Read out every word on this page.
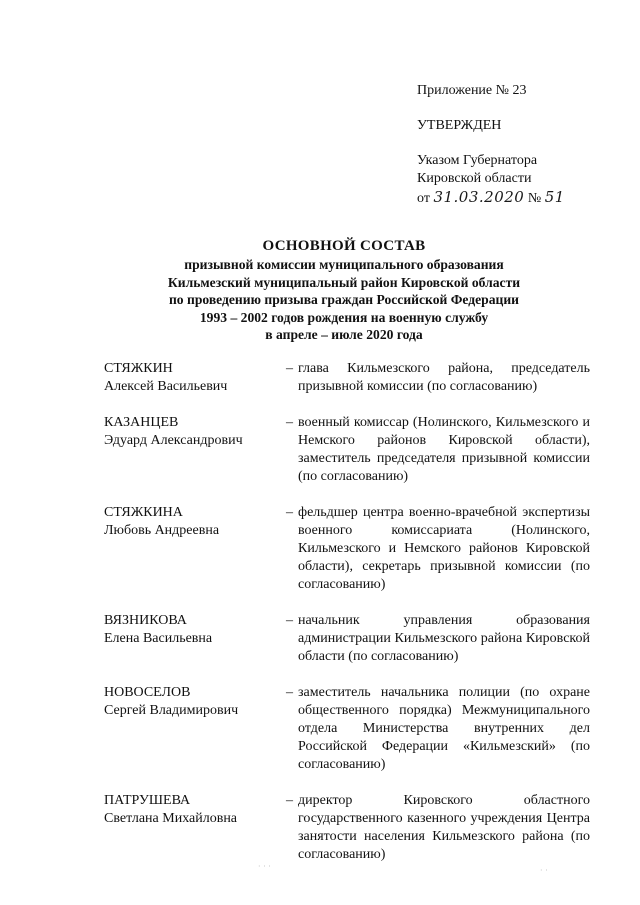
Приложение № 23
УТВЕРЖДЕН
Указом Губернатора
Кировской области
от 31.03.2020 № 51
ОСНОВНОЙ СОСТАВ
призывной комиссии муниципального образования
Кильмезский муниципальный район Кировской области
по проведению призыва граждан Российской Федерации
1993 – 2002 годов рождения на военную службу
в апреле – июле 2020 года
СТЯЖКИН
Алексей Васильевич
– глава Кильмезского района, председатель призывной комиссии (по согласованию)
КАЗАНЦЕВ
Эдуард Александрович
– военный комиссар (Нолинского, Кильмезского и Немского районов Кировской области), заместитель председателя призывной комиссии (по согласованию)
СТЯЖКИНА
Любовь Андреевна
– фельдшер центра военно-врачебной экспертизы военного комиссариата (Нолинского, Кильмезского и Немского районов Кировской области), секретарь призывной комиссии (по согласованию)
ВЯЗНИКОВА
Елена Васильевна
– начальник управления образования администрации Кильмезского района Кировской области (по согласованию)
НОВОСЕЛОВ
Сергей Владимирович
– заместитель начальника полиции (по охране общественного порядка) Межмуниципального отдела Министерства внутренних дел Российской Федерации «Кильмезский» (по согласованию)
ПАТРУШЕВА
Светлана Михайловна
– директор Кировского областного государственного казенного учреждения Центра занятости населения Кильмезского района (по согласованию)
· · ·	· ·
